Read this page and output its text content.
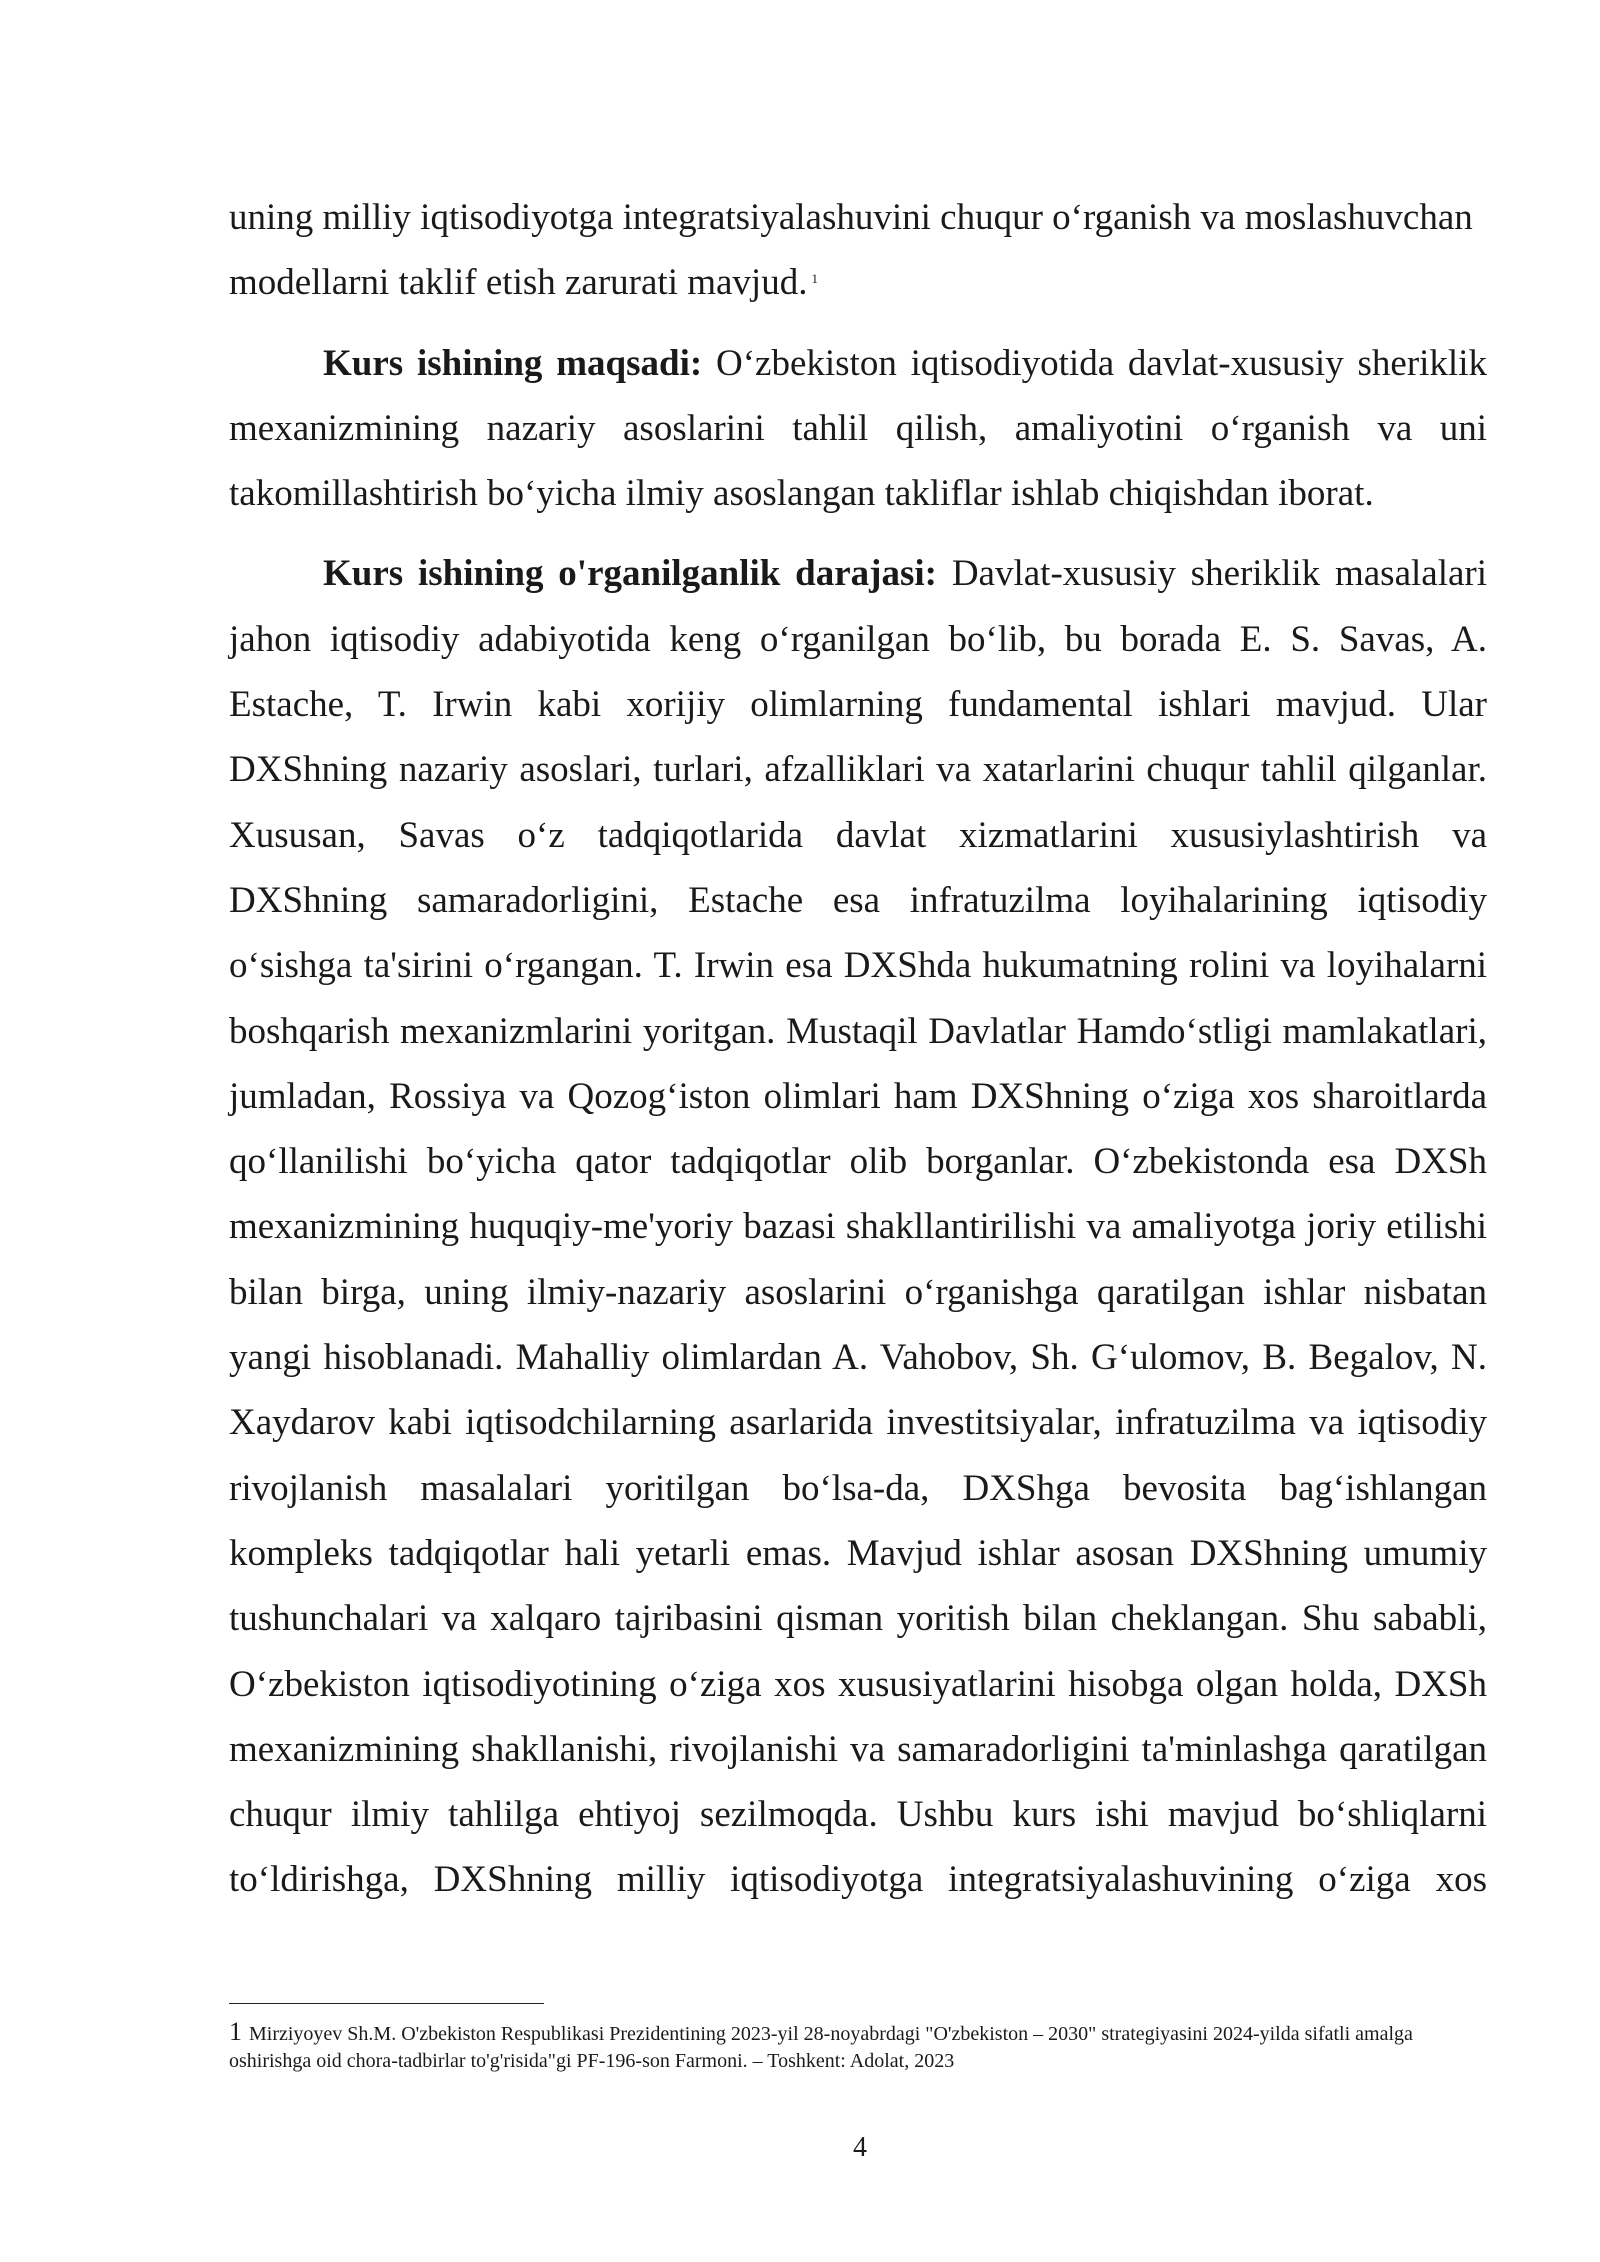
uning milliy iqtisodiyotga integratsiyalashuvini chuqur o‘rganish va moslashuvchan modellarni taklif etish zarurati mavjud. $^1$

Kurs ishining maqsadi: O‘zbekiston iqtisodiyotida davlat-xususiy sheriklik mexanizmining nazariy asoslarini tahlil qilish, amaliyotini o‘rganish va uni takomillashtirish bo‘yicha ilmiy asoslangan takliflar ishlab chiqishdan iborat.

Kurs ishining o'rganilganlik darajasi: Davlat-xususiy sheriklik masalalari jahon iqtisodiy adabiyotida keng o‘rganilgan bo‘lib, bu borada E. S. Savas, A. Estache, T. Irwin kabi xorijiy olimlarning fundamental ishlari mavjud. Ular DXShning nazariy asoslari, turlari, afzalliklari va xatarlarini chuqur tahlil qilganlar. Xususan, Savas o‘z tadqiqotlarida davlat xizmatlarini xususiylashtirish va DXShning samaradorligini, Estache esa infratuzilma loyihalarining iqtisodiy o‘sishga ta'sirini o‘rgangan. T. Irwin esa DXShda hukumatning rolini va loyihalarni boshqarish mexanizmlarini yoritgan. Mustaqil Davlatlar Hamdo‘stligi mamlakatlari, jumladan, Rossiya va Qozog‘iston olimlari ham DXShning o‘ziga xos sharoitlarda qo‘llanilishi bo‘yicha qator tadqiqotlar olib borganlar. O‘zbekistonda esa DXSh mexanizmining huquqiy-me'yoriy bazasi shakllantirilishi va amaliyotga joriy etilishi bilan birga, uning ilmiy-nazariy asoslarini o‘rganishga qaratilgan ishlar nisbatan yangi hisoblanadi. Mahalliy olimlardan A. Vahobov, Sh. G‘ulomov, B. Begalov, N. Xaydarov kabi iqtisodchilarning asarlarida investitsiyalar, infratuzilma va iqtisodiy rivojlanish masalalari yoritilgan bo‘lsa-da, DXShga bevosita bag‘ishlangan kompleks tadqiqotlar hali yetarli emas. Mavjud ishlar asosan DXShning umumiy tushunchalari va xalqaro tajribasini qisman yoritish bilan cheklangan. Shu sababli, O‘zbekiston iqtisodiyotining o‘ziga xos xususiyatlarini hisobga olgan holda, DXSh mexanizmining shakllanishi, rivojlanishi va samaradorligini ta'minlashga qaratilgan chuqur ilmiy tahlilga ehtiyoj sezilmoqda. Ushbu kurs ishi mavjud bo‘shliqlarni to‘ldirishga, DXShning milliy iqtisodiyotga integratsiyalashuvining o‘ziga xos

1 Mirziyoyev Sh.M. O'zbekiston Respublikasi Prezidentining 2023-yil 28-noyabrdagi "O'zbekiston – 2030" strategiyasini 2024-yilda sifatli amalga oshirishga oid chora-tadbirlar to'g'risida"gi PF-196-son Farmoni. – Toshkent: Adolat, 2023
4
